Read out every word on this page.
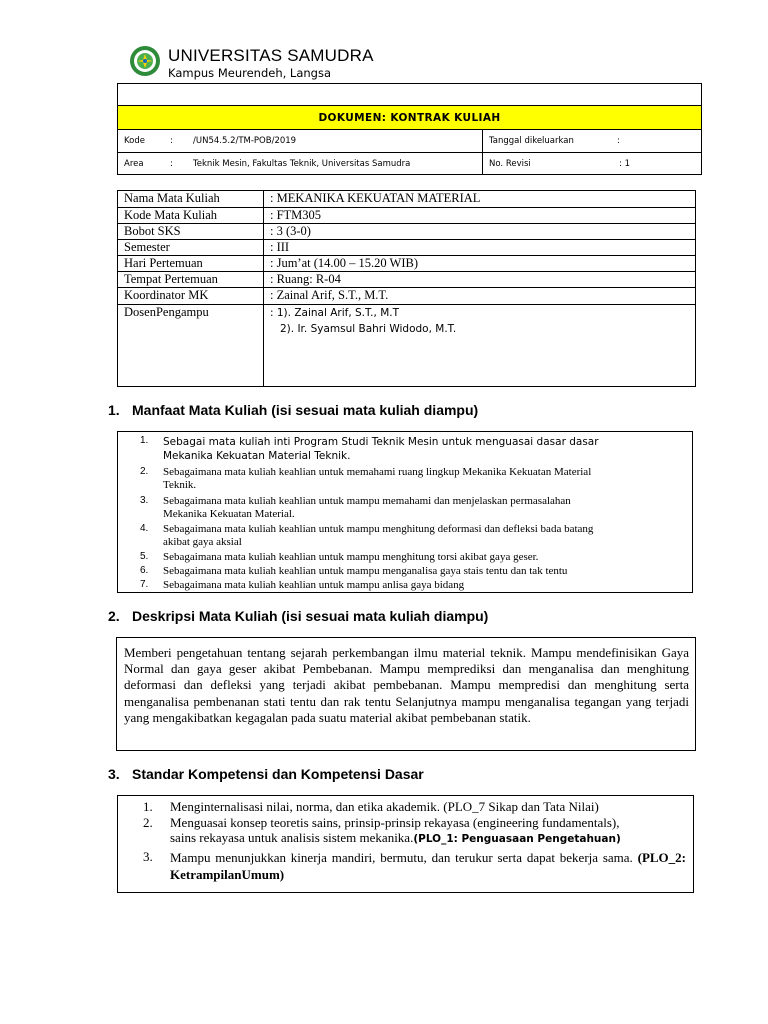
UNIVERSITAS SAMUDRA
Kampus Meurendeh, Langsa
DOKUMEN: KONTRAK KULIAH
Kode	: /UN54.5.2/TM-POB/2019	Tanggal dikeluarkan	:
Area	: Teknik Mesin, Fakultas Teknik, Universitas Samudra	No. Revisi	: 1
Nama Mata Kuliah	: MEKANIKA KEKUATAN MATERIAL
Kode Mata Kuliah	: FTM305
Bobot SKS	: 3 (3-0)
Semester	: III
Hari Pertemuan	: Jum’at (14.00 – 15.20 WIB)
Tempat Pertemuan	: Ruang: R-04
Koordinator MK	: Zainal Arif, S.T., M.T.
DosenPengampu	: 1). Zainal Arif, S.T., M.T
2). Ir. Syamsul Bahri Widodo, M.T.
1. Manfaat Mata Kuliah (isi sesuai mata kuliah diampu)
1. Sebagai mata kuliah inti Program Studi Teknik Mesin untuk menguasai dasar dasar
Mekanika Kekuatan Material Teknik.
2. Sebagaimana mata kuliah keahlian untuk memahami ruang lingkup Mekanika Kekuatan Material
Teknik.
3. Sebagaimana mata kuliah keahlian untuk mampu memahami dan menjelaskan permasalahan
Mekanika Kekuatan Material.
4. Sebagaimana mata kuliah keahlian untuk mampu menghitung deformasi dan defleksi bada batang
akibat gaya aksial
5. Sebagaimana mata kuliah keahlian untuk mampu menghitung torsi akibat gaya geser.
6. Sebagaimana mata kuliah keahlian untuk mampu menganalisa gaya stais tentu dan tak tentu
7. Sebagaimana mata kuliah keahlian untuk mampu anlisa gaya bidang
2. Deskripsi Mata Kuliah (isi sesuai mata kuliah diampu)
Memberi pengetahuan tentang sejarah perkembangan ilmu material teknik. Mampu mendefinisikan Gaya Normal dan gaya geser akibat Pembebanan. Mampu memprediksi dan menganalisa dan menghitung deformasi dan defleksi yang terjadi akibat pembebanan. Mampu mempredisi dan menghitung serta menganalisa pembenanan stati tentu dan rak tentu Selanjutnya mampu menganalisa tegangan yang terjadi yang mengakibatkan kegagalan pada suatu material akibat pembebanan statik.
3. Standar Kompetensi dan Kompetensi Dasar
1. Menginternalisasi nilai, norma, dan etika akademik. (PLO_7 Sikap dan Tata Nilai)
2. Menguasai konsep teoretis sains, prinsip-prinsip rekayasa (engineering fundamentals),
sains rekayasa untuk analisis sistem mekanika.(PLO_1: Penguasaan Pengetahuan)
3. Mampu menunjukkan kinerja mandiri, bermutu, dan terukur serta dapat bekerja sama. (PLO_2: KetrampilanUmum)
